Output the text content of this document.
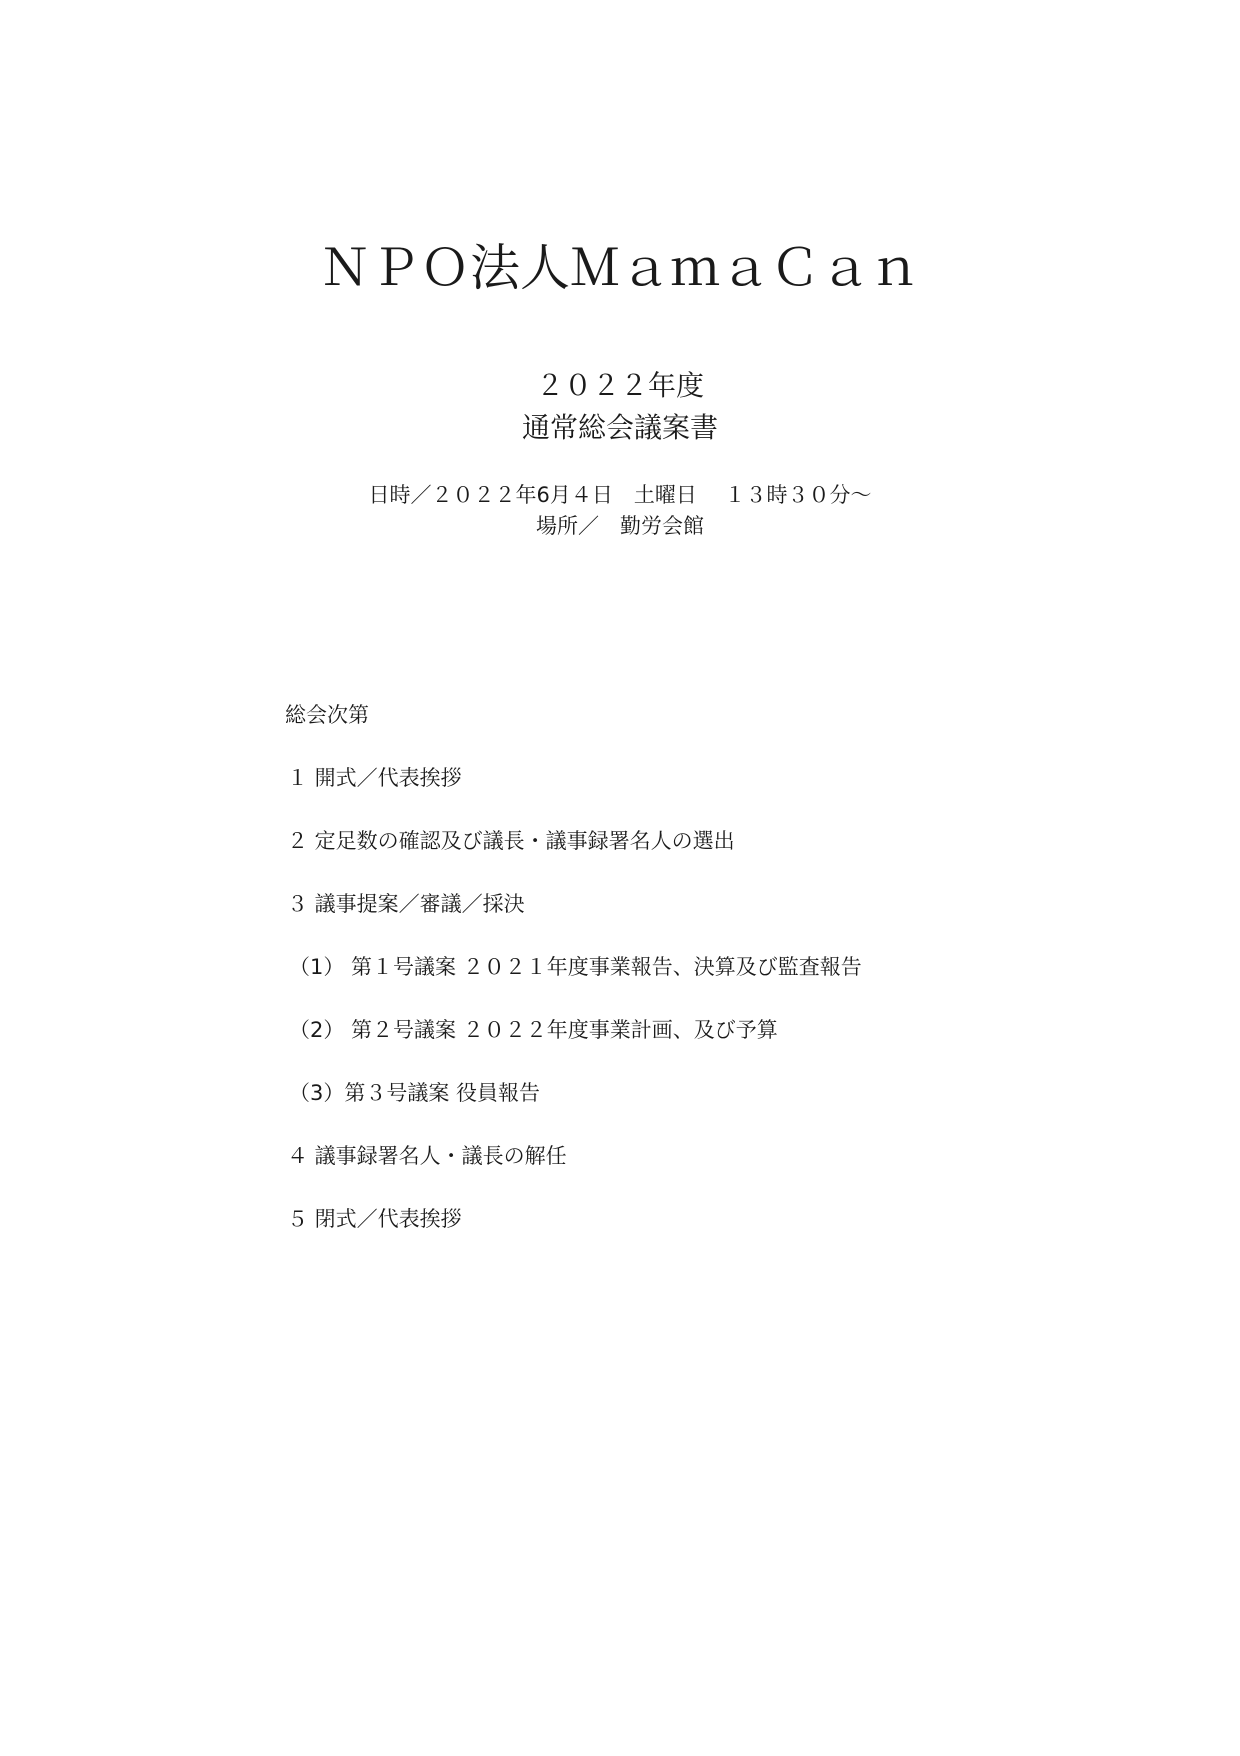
ＮＰＯ法人ＭａｍａＣａｎ
２０２２年度
通常総会議案書
日時／２０２２年6月４日　土曜日　 １３時３０分～
場所／　勤労会館
総会次第
１ 開式／代表挨拶
２ 定足数の確認及び議長・議事録署名人の選出
３ 議事提案／審議／採決
（1） 第１号議案 ２０２１年度事業報告、決算及び監査報告
（2） 第２号議案 ２０２２年度事業計画、及び予算
（3）第３号議案 役員報告
４ 議事録署名人・議長の解任
５ 閉式／代表挨拶
